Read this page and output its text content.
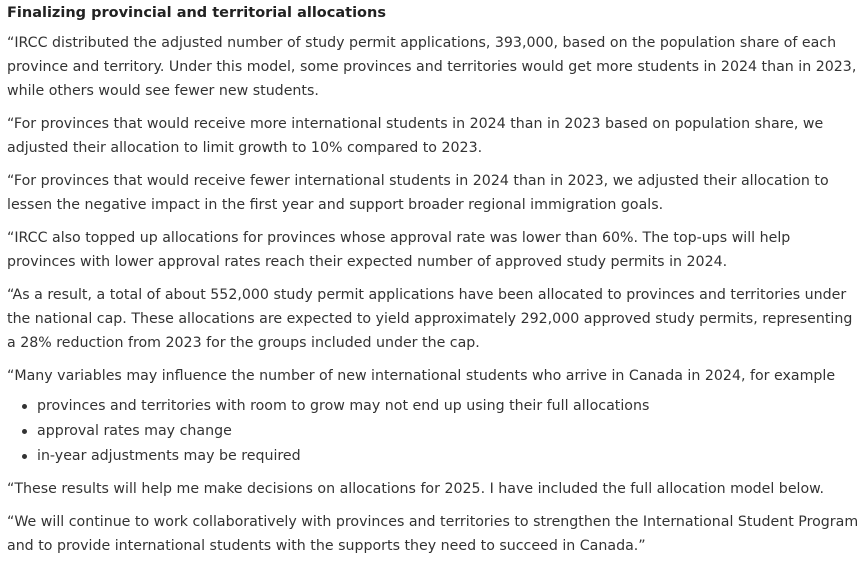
Finalizing provincial and territorial allocations

“IRCC distributed the adjusted number of study permit applications, 393,000, based on the population share of each province and territory. Under this model, some provinces and territories would get more students in 2024 than in 2023, while others would see fewer new students.

“For provinces that would receive more international students in 2024 than in 2023 based on population share, we adjusted their allocation to limit growth to 10% compared to 2023.

“For provinces that would receive fewer international students in 2024 than in 2023, we adjusted their allocation to lessen the negative impact in the first year and support broader regional immigration goals.

“IRCC also topped up allocations for provinces whose approval rate was lower than 60%. The top-ups will help provinces with lower approval rates reach their expected number of approved study permits in 2024.

“As a result, a total of about 552,000 study permit applications have been allocated to provinces and territories under the national cap. These allocations are expected to yield approximately 292,000 approved study permits, representing a 28% reduction from 2023 for the groups included under the cap.

“Many variables may influence the number of new international students who arrive in Canada in 2024, for example

provinces and territories with room to grow may not end up using their full allocations
approval rates may change
in-year adjustments may be required

“These results will help me make decisions on allocations for 2025. I have included the full allocation model below.

“We will continue to work collaboratively with provinces and territories to strengthen the International Student Program and to provide international students with the supports they need to succeed in Canada.”
